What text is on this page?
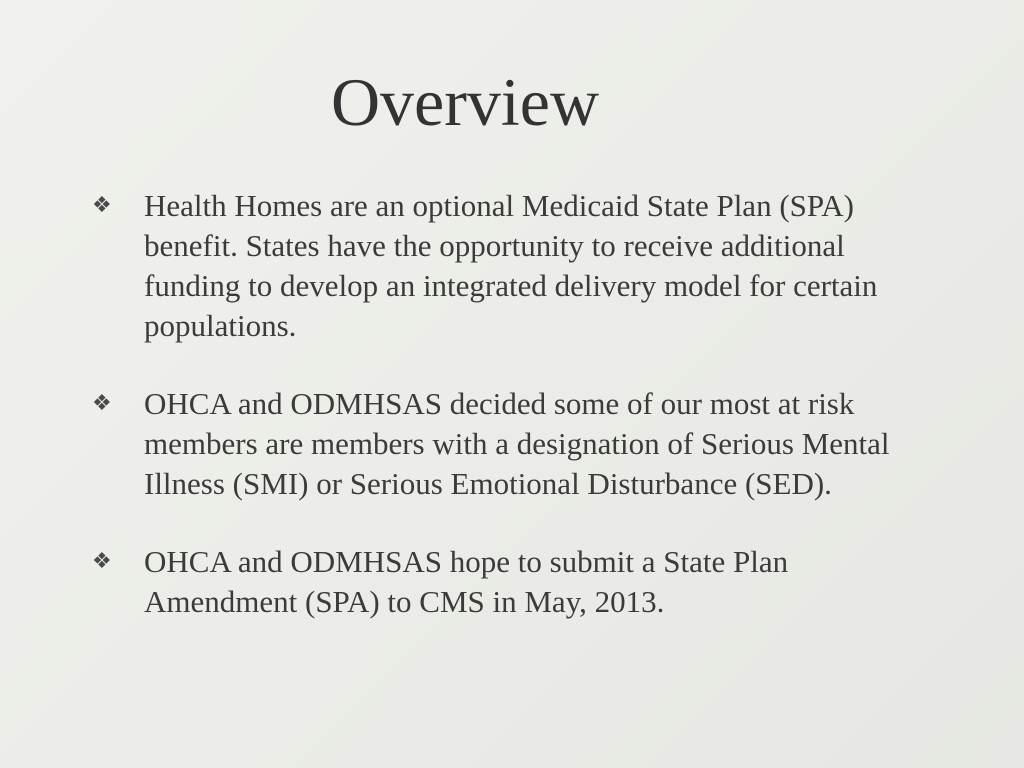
Overview
❖	Health Homes are an optional Medicaid State Plan (SPA) benefit. States have the opportunity to receive additional funding to develop an integrated delivery model for certain populations.
❖	OHCA and ODMHSAS decided some of our most at risk members are members with a designation of Serious Mental Illness (SMI) or Serious Emotional Disturbance (SED).
❖	OHCA and ODMHSAS hope to submit a State Plan Amendment (SPA) to CMS in May, 2013.
